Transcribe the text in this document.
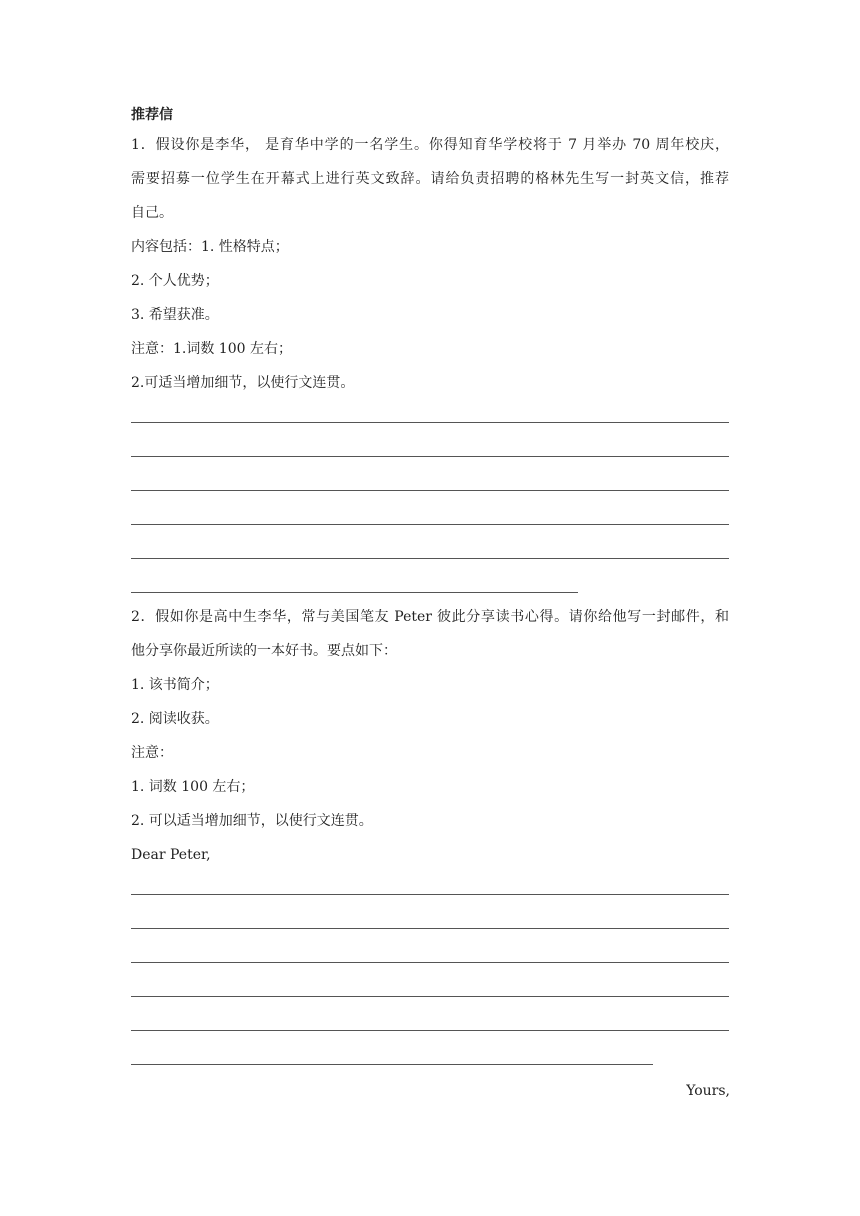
推荐信
1．假设你是李华， 是育华中学的一名学生。你得知育华学校将于 7 月举办 70 周年校庆，
需要招募一位学生在开幕式上进行英文致辞。请给负责招聘的格林先生写一封英文信，推荐
自己。
内容包括：1. 性格特点；
2. 个人优势；
3. 希望获准。
注意：1.词数 100 左右；
2.可适当增加细节，以使行文连贯。
2．假如你是高中生李华，常与美国笔友 Peter 彼此分享读书心得。请你给他写一封邮件，和
他分享你最近所读的一本好书。要点如下：
1. 该书简介；
2. 阅读收获。
注意：
1. 词数 100 左右；
2. 可以适当增加细节，以使行文连贯。
Dear Peter,
Yours,
